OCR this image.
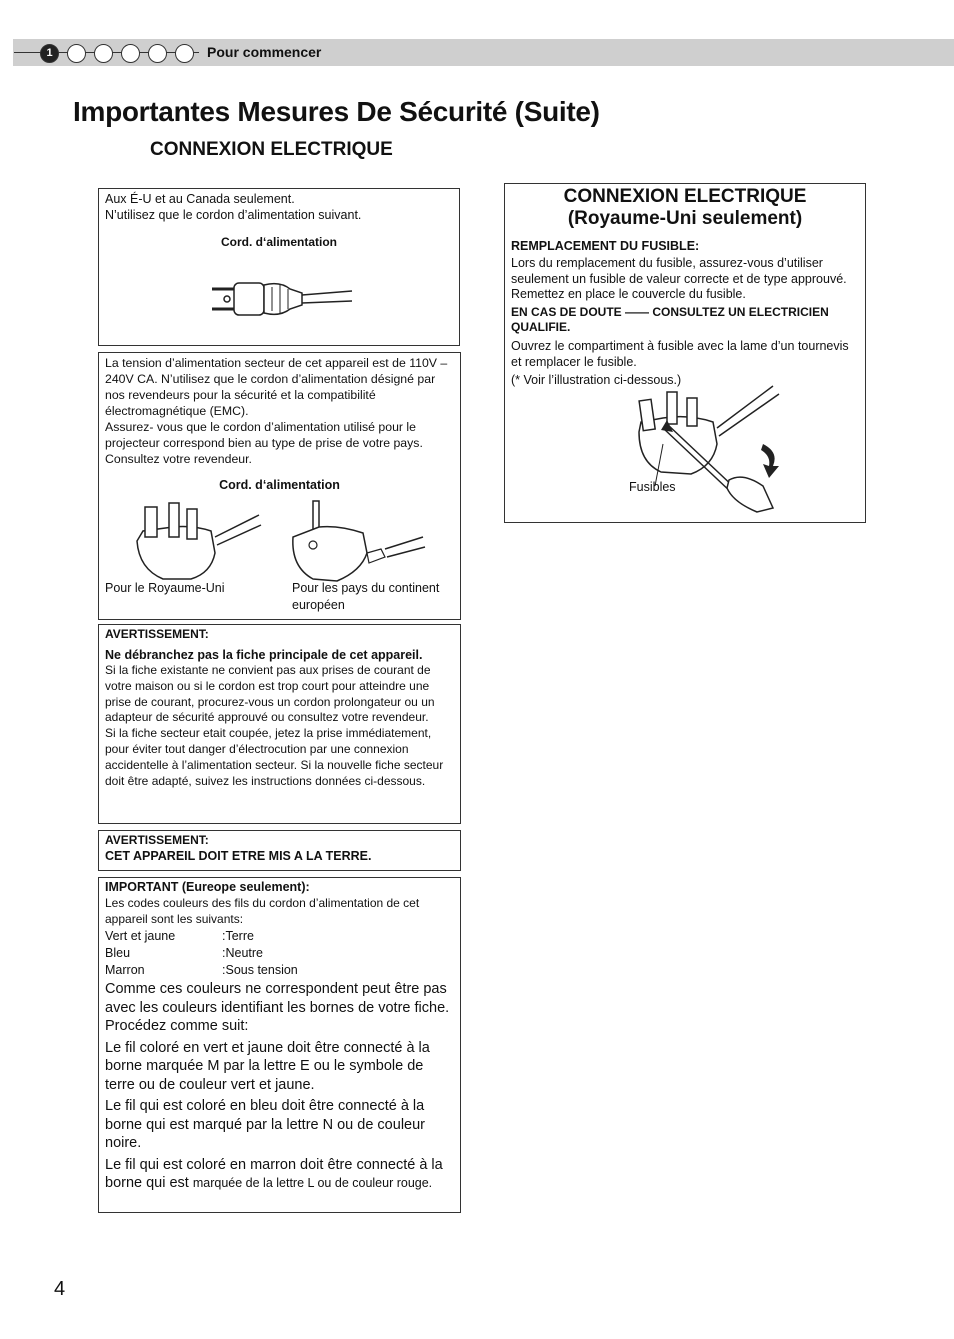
1	Pour commencer
Importantes Mesures De Sécurité (Suite)
CONNEXION ELECTRIQUE
Aux É-U et au Canada seulement.
N’utilisez que le cordon d’alimentation suivant.
Cord. d‘alimentation
La tension d’alimentation secteur de cet appareil est de 110V – 240V CA. N’utilisez que le cordon d’alimentation désigné par nos revendeurs pour la sécurité et la compatibilité électromagnétique (EMC).
Assurez- vous que le cordon d’alimentation utilisé pour le projecteur correspond bien au type de prise de votre pays. Consultez votre revendeur.
Cord. d‘alimentation
Pour le Royaume-Uni	Pour les pays du continent européen
AVERTISSEMENT:
Ne débranchez pas la fiche principale de cet appareil.
Si la fiche existante ne convient pas aux prises de courant de votre maison ou si le cordon est trop court pour atteindre une prise de courant, procurez-vous un cordon prolongateur ou un adapteur de sécurité approuvé ou consultez votre revendeur.
Si la fiche secteur etait coupée, jetez la prise immédiatement, pour éviter tout danger d’électrocution par une connexion accidentelle à l’alimentation secteur. Si la nouvelle fiche secteur doit être adapté, suivez les instructions données ci-dessous.
AVERTISSEMENT:
CET APPAREIL DOIT ETRE MIS A LA TERRE.
IMPORTANT (Eureope seulement):
Les codes couleurs des fils du cordon d’alimentation de cet appareil sont les suivants:
Vert et jaune	: Terre
Bleu	: Neutre
Marron	: Sous tension
Comme ces couleurs ne correspondent peut être pas avec les couleurs identifiant les bornes de votre fiche. Procédez comme suit:
Le fil coloré en vert et jaune doit être connecté à la borne marquée M par la lettre E ou le symbole de terre ou de couleur vert et jaune.
Le fil qui est coloré en bleu doit être connecté à la borne qui est marqué par la lettre N ou de couleur noire.
Le fil qui est coloré en marron doit être connecté à la borne qui est marquée de la lettre L ou de couleur rouge.
CONNEXION ELECTRIQUE
(Royaume-Uni seulement)
REMPLACEMENT DU FUSIBLE:
Lors du remplacement du fusible, assurez-vous d’utiliser seulement un fusible de valeur correcte et de type approuvé. Remettez en place le couvercle du fusible.
EN CAS DE DOUTE —— CONSULTEZ UN ELECTRICIEN QUALIFIE.
Ouvrez le compartiment à fusible avec la lame d’un tournevis et remplacer le fusible.
(* Voir l’illustration ci-dessous.)
Fusibles
4
